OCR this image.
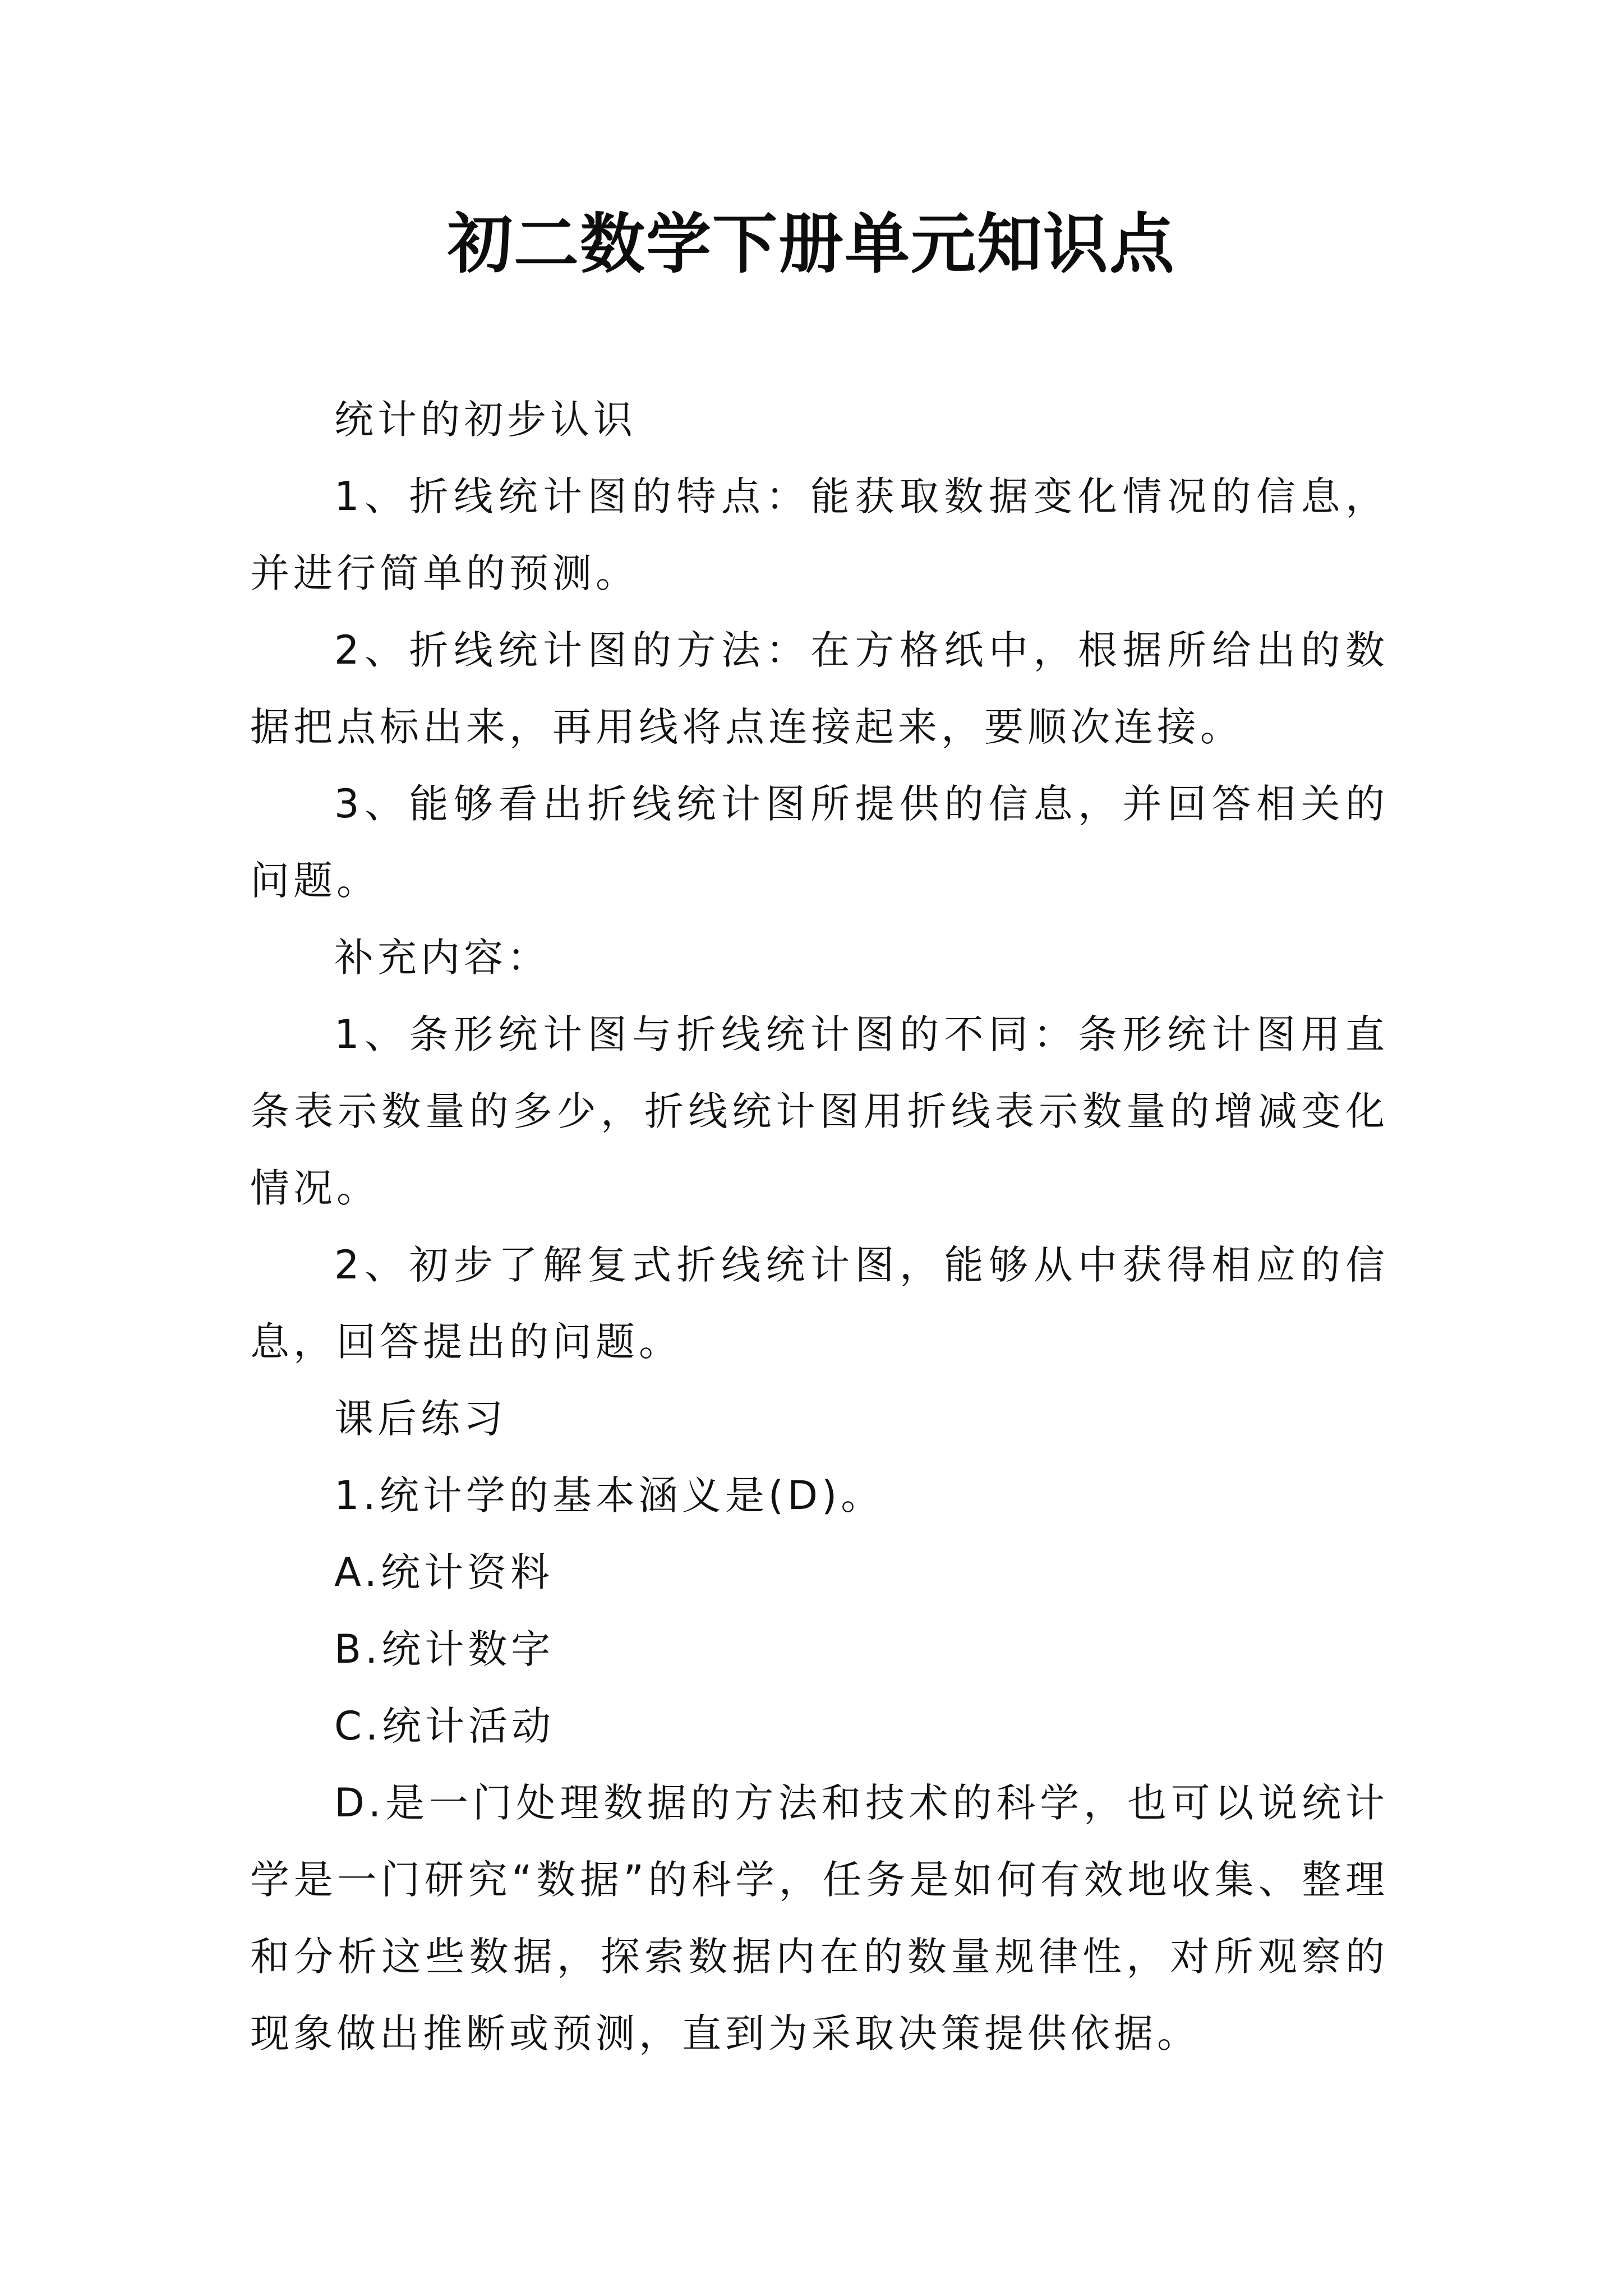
初二数学下册单元知识点

统计的初步认识

1、折线统计图的特点：能获取数据变化情况的信息，并进行简单的预测。

2、折线统计图的方法：在方格纸中，根据所给出的数据把点标出来，再用线将点连接起来，要顺次连接。

3、能够看出折线统计图所提供的信息，并回答相关的问题。

补充内容：

1、条形统计图与折线统计图的不同：条形统计图用直条表示数量的多少，折线统计图用折线表示数量的增减变化情况。

2、初步了解复式折线统计图，能够从中获得相应的信息，回答提出的问题。

课后练习

1.统计学的基本涵义是(D)。

A.统计资料

B.统计数字

C.统计活动

D.是一门处理数据的方法和技术的科学，也可以说统计学是一门研究“数据”的科学，任务是如何有效地收集、整理和分析这些数据，探索数据内在的数量规律性，对所观察的现象做出推断或预测，直到为采取决策提供依据。
